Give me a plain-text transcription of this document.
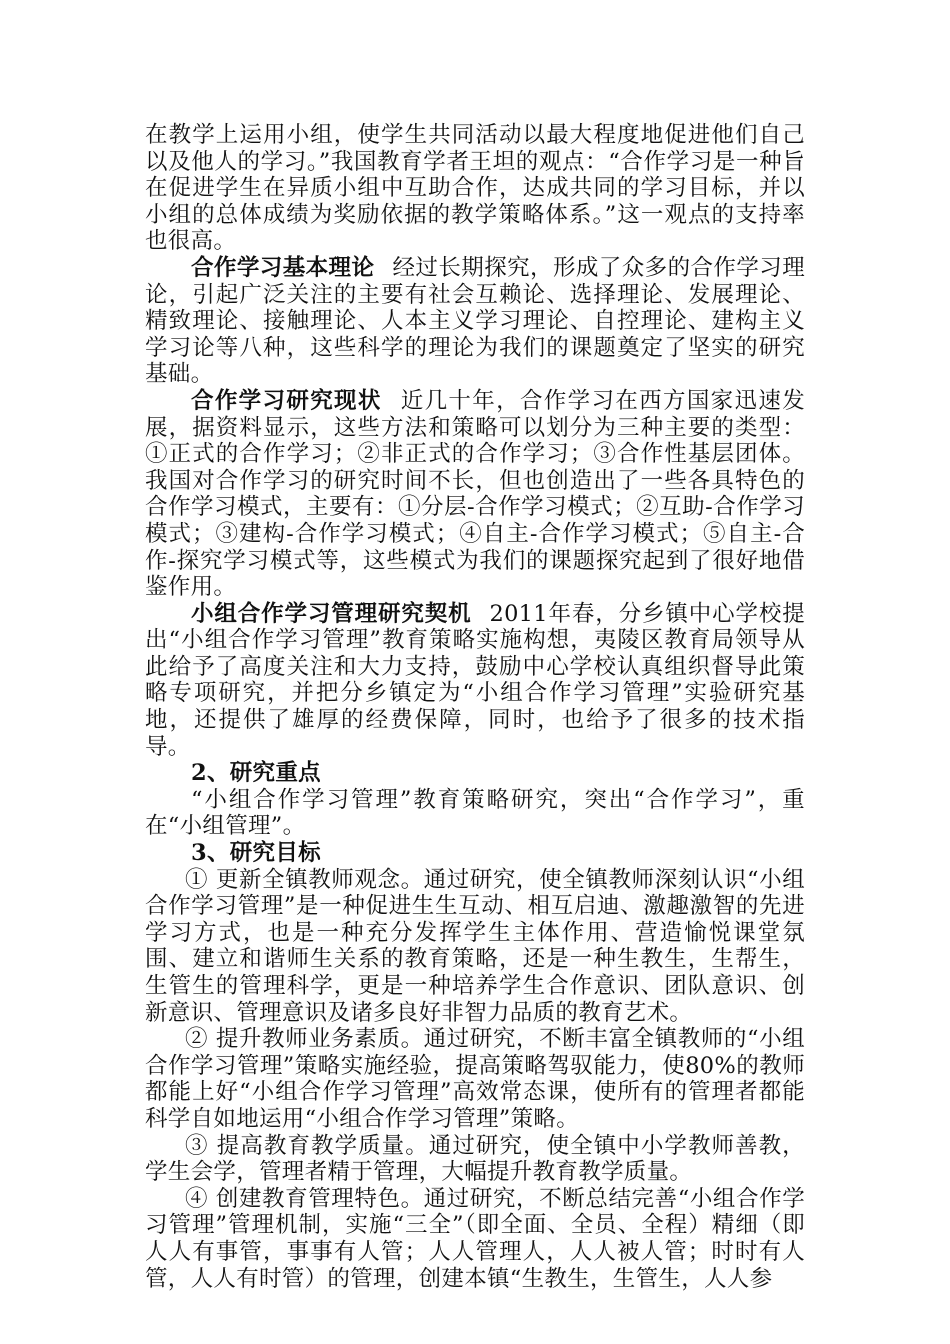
在教学上运用小组，使学生共同活动以最大程度地促进他们自己以及他人的学习。”我国教育学者王坦的观点：“合作学习是一种旨在促进学生在异质小组中互助合作，达成共同的学习目标，并以小组的总体成绩为奖励依据的教学策略体系。”这一观点的支持率也很高。

合作学习基本理论 经过长期探究，形成了众多的合作学习理论，引起广泛关注的主要有社会互赖论、选择理论、发展理论、精致理论、接触理论、人本主义学习理论、自控理论、建构主义学习论等八种，这些科学的理论为我们的课题奠定了坚实的研究基础。

合作学习研究现状 近几十年，合作学习在西方国家迅速发展，据资料显示，这些方法和策略可以划分为三种主要的类型：①正式的合作学习；②非正式的合作学习；③合作性基层团体。我国对合作学习的研究时间不长，但也创造出了一些各具特色的合作学习模式，主要有：①分层-合作学习模式；②互助-合作学习模式；③建构-合作学习模式；④自主-合作学习模式；⑤自主-合作-探究学习模式等，这些模式为我们的课题探究起到了很好地借鉴作用。

小组合作学习管理研究契机 2011年春，分乡镇中心学校提出“小组合作学习管理”教育策略实施构想，夷陵区教育局领导从此给予了高度关注和大力支持，鼓励中心学校认真组织督导此策略专项研究，并把分乡镇定为“小组合作学习管理”实验研究基地，还提供了雄厚的经费保障，同时，也给予了很多的技术指导。

2、研究重点

“小组合作学习管理”教育策略研究，突出“合作学习”，重在“小组管理”。

3、研究目标

① 更新全镇教师观念。通过研究，使全镇教师深刻认识“小组合作学习管理”是一种促进生生互动、相互启迪、激趣激智的先进学习方式，也是一种充分发挥学生主体作用、营造愉悦课堂氛围、建立和谐师生关系的教育策略，还是一种生教生，生帮生，生管生的管理科学，更是一种培养学生合作意识、团队意识、创新意识、管理意识及诸多良好非智力品质的教育艺术。

② 提升教师业务素质。通过研究，不断丰富全镇教师的“小组合作学习管理”策略实施经验，提高策略驾驭能力，使80%的教师都能上好“小组合作学习管理”高效常态课，使所有的管理者都能科学自如地运用“小组合作学习管理”策略。

③ 提高教育教学质量。通过研究，使全镇中小学教师善教，学生会学，管理者精于管理，大幅提升教育教学质量。

④ 创建教育管理特色。通过研究，不断总结完善“小组合作学习管理”管理机制，实施“三全”（即全面、全员、全程）精细（即人人有事管，事事有人管；人人管理人，人人被人管；时时有人管，人人有时管）的管理，创建本镇“生教生，生管生，人人参
